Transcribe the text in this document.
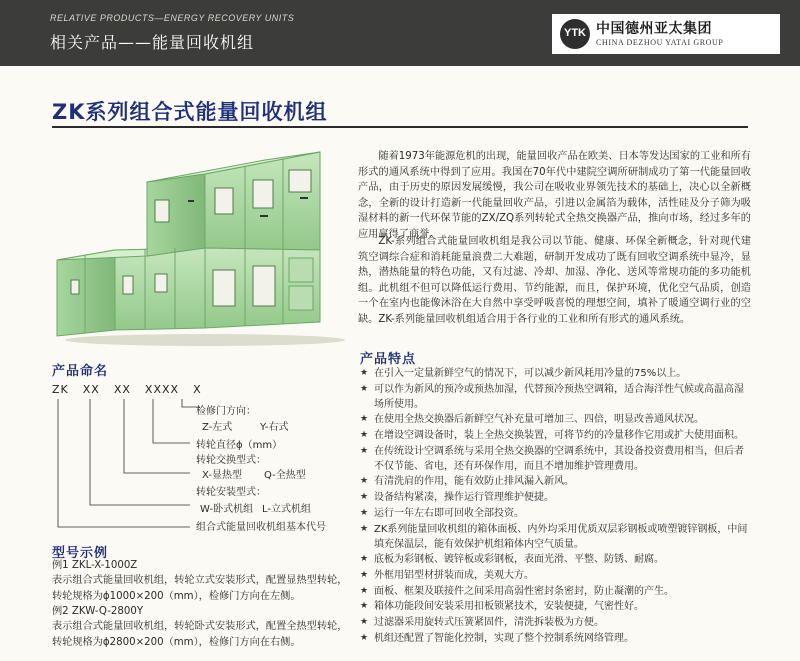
RELATIVE PRODUCTS—ENERGY RECOVERY UNITS
相关产品——能量回收机组	YTK 中国德州亚太集团
CHINA DEZHOU YATAI GROUP
ZK系列组合式能量回收机组

随着1973年能源危机的出现，能量回收产品在欧美、日本等发达国家的工业和所有形式的通风系统中得到了应用。我国在70年代中建院空调所研制成功了第一代能量回收产品，由于历史的原因发展缓慢，我公司在吸收业界领先技术的基础上，决心以全新概念，全新的设计打造新一代能量回收产品，引进以金属箔为载体，活性硅及分子筛为吸湿材料的新一代环保节能的ZX/ZQ系列转轮式全热交换器产品，推向市场，经过多年的应用赢得了商誉。

ZK-系列组合式能量回收机组是我公司以节能、健康、环保全新概念，针对现代建筑空调综合症和消耗能量浪费二大难题，研制开发成功了既有回收空调系统中显冷，显热，潜热能量的特色功能，又有过滤、冷却、加湿、净化、送风等常规功能的多功能机组。此机组不但可以降低运行费用、节约能源，而且，保护环境，优化空气品质，创造一个在室内也能像沐浴在大自然中享受呼吸喜悦的理想空间，填补了暖通空调行业的空缺。ZK-系列能量回收机组适合用于各行业的工业和所有形式的通风系统。

产品命名
ZK XX XX XXXX X
检修门方向：
Z-左式	Y-右式
转轮直径ϕ（mm）
转轮交换型式：
X-显热型 Q-全热型
转轮安装型式：
W-卧式机组 L-立式机组
组合式能量回收机组基本代号
型号示例
例1 ZKL-X-1000Z
表示组合式能量回收机组，转轮立式安装形式，配置显热型转轮，转轮规格为ϕ1000×200（mm），检修门方向在左侧。
例2 ZKW-Q-2800Y
表示组合式能量回收机组，转轮卧式安装形式，配置全热型转轮，转轮规格为ϕ2800×200（mm），检修门方向在右侧。
产品特点
★ 在引入一定量新鲜空气的情况下，可以减少新风耗用冷量的75%以上。
★ 可以作为新风的预冷或预热加湿，代替预冷预热空调箱，适合海洋性气候或高温高湿场所使用。
★ 在使用全热交换器后新鲜空气补充量可增加三、四倍，明显改善通风状况。
★ 在增设空调设备时，装上全热交换装置，可将节约的冷量移作它用或扩大使用面积。
★ 在传统设计空调系统与采用全热交换器的空调系统中，其设备投资费用相当，但后者不仅节能、省电，还有环保作用，而且不增加维护管理费用。
★ 有清洗肩的作用，能有效防止排风漏入新风。
★ 设备结构紧凑，操作运行管理维护便捷。
★ 运行一年左右即可回收全部投资。
★ ZK系列能量回收机组的箱体面板、内外均采用优质双层彩钢板或喷塑镀锌钢板，中间填充保温层，能有效保护机组箱体内空气质量。
★ 底板为彩钢板、镀锌板或彩钢板，表面光滑、平整、防锈、耐腐。
★ 外框用铝型材拼装而成，美观大方。
★ 面板、框架及联接件之间采用高弱性密封条密封，防止凝潮的产生。
★ 箱体功能段间安装采用扣板锁紧技术，安装便捷，气密性好。
★ 过滤器采用旋转式压簧紧固件，清洗拆装极为方便。
★ 机组还配置了智能化控制，实现了整个控制系统网络管理。
